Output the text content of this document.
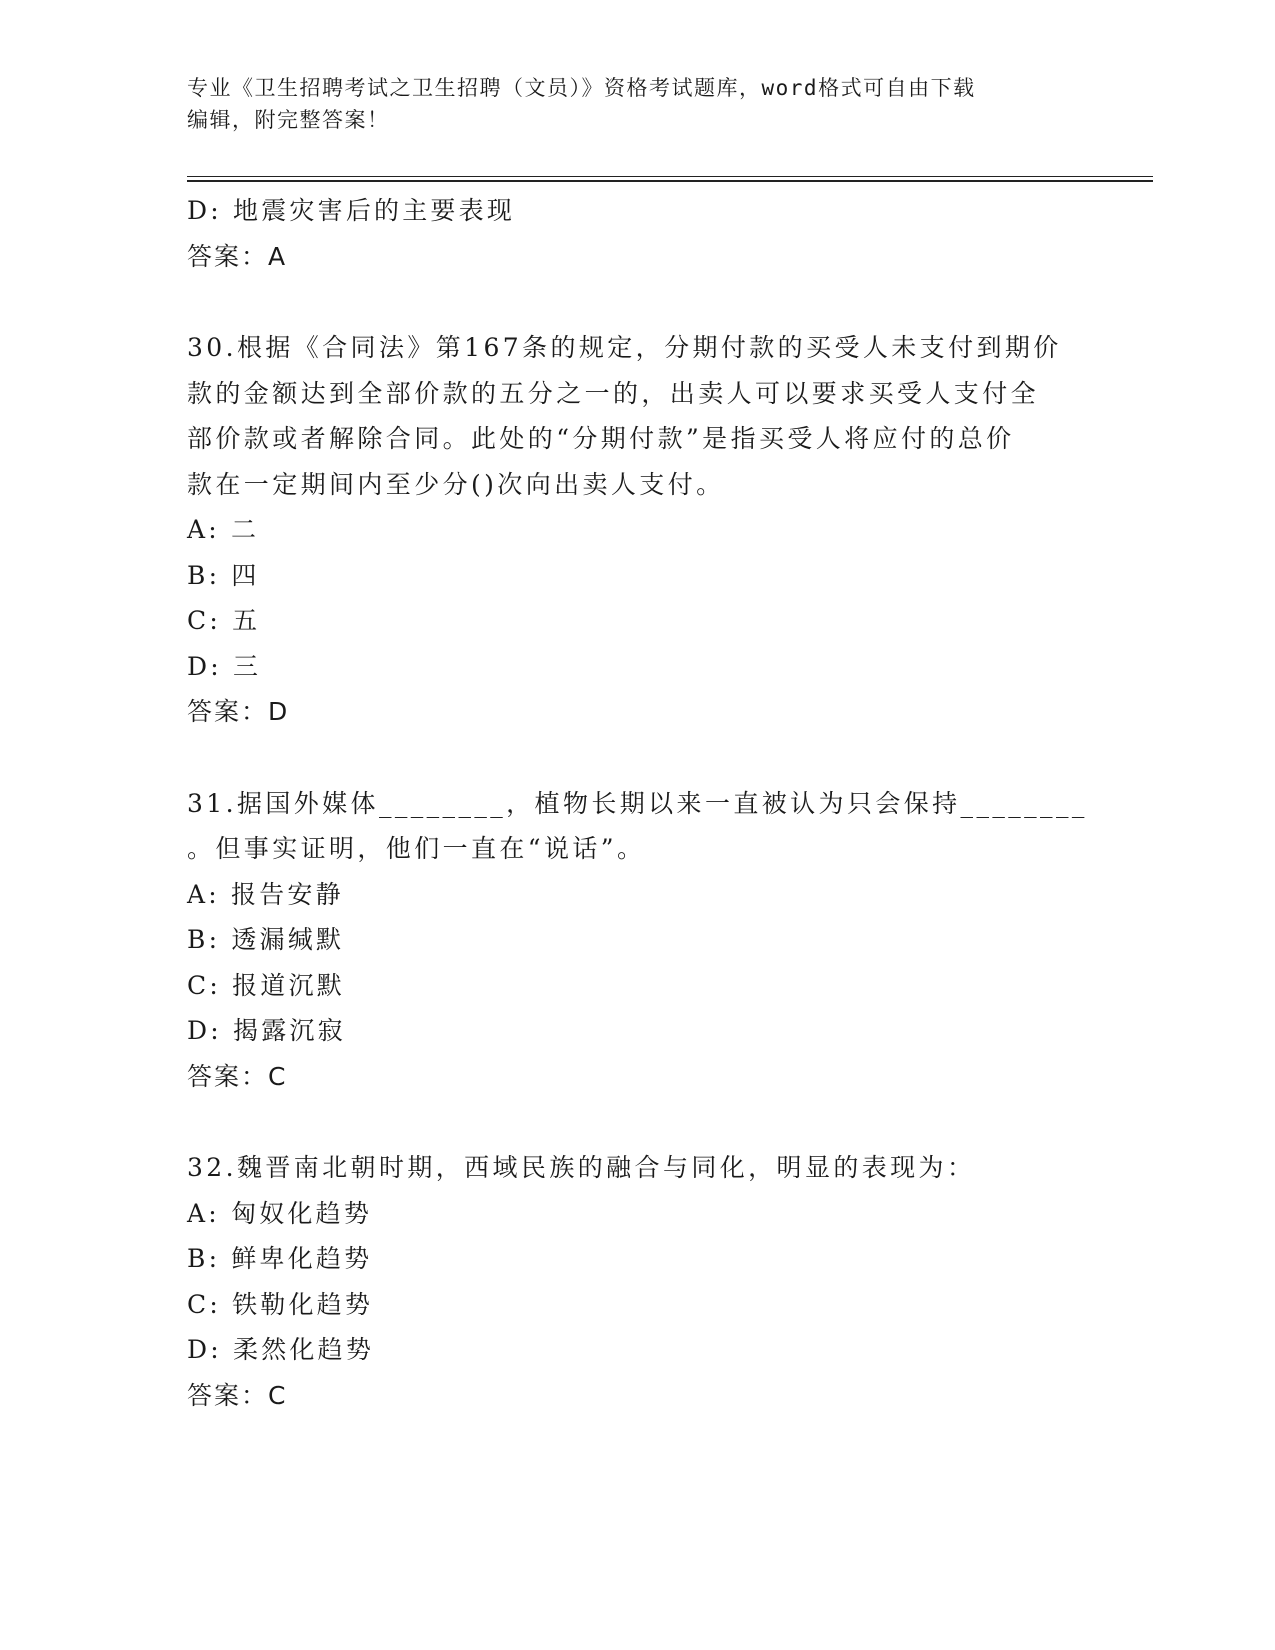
专业《卫生招聘考试之卫生招聘（文员）》资格考试题库，word格式可自由下载
编辑，附完整答案！
D: 地震灾害后的主要表现
答案：A
30.根据《合同法》第167条的规定，分期付款的买受人未支付到期价
款的金额达到全部价款的五分之一的，出卖人可以要求买受人支付全
部价款或者解除合同。此处的“分期付款”是指买受人将应付的总价
款在一定期间内至少分()次向出卖人支付。
A: 二
B: 四
C: 五
D: 三
答案：D
31.据国外媒体________，植物长期以来一直被认为只会保持________
。但事实证明，他们一直在“说话”。
A: 报告安静
B: 透漏缄默
C: 报道沉默
D: 揭露沉寂
答案：C
32.魏晋南北朝时期，西域民族的融合与同化，明显的表现为：
A: 匈奴化趋势
B: 鲜卑化趋势
C: 铁勒化趋势
D: 柔然化趋势
答案：C
